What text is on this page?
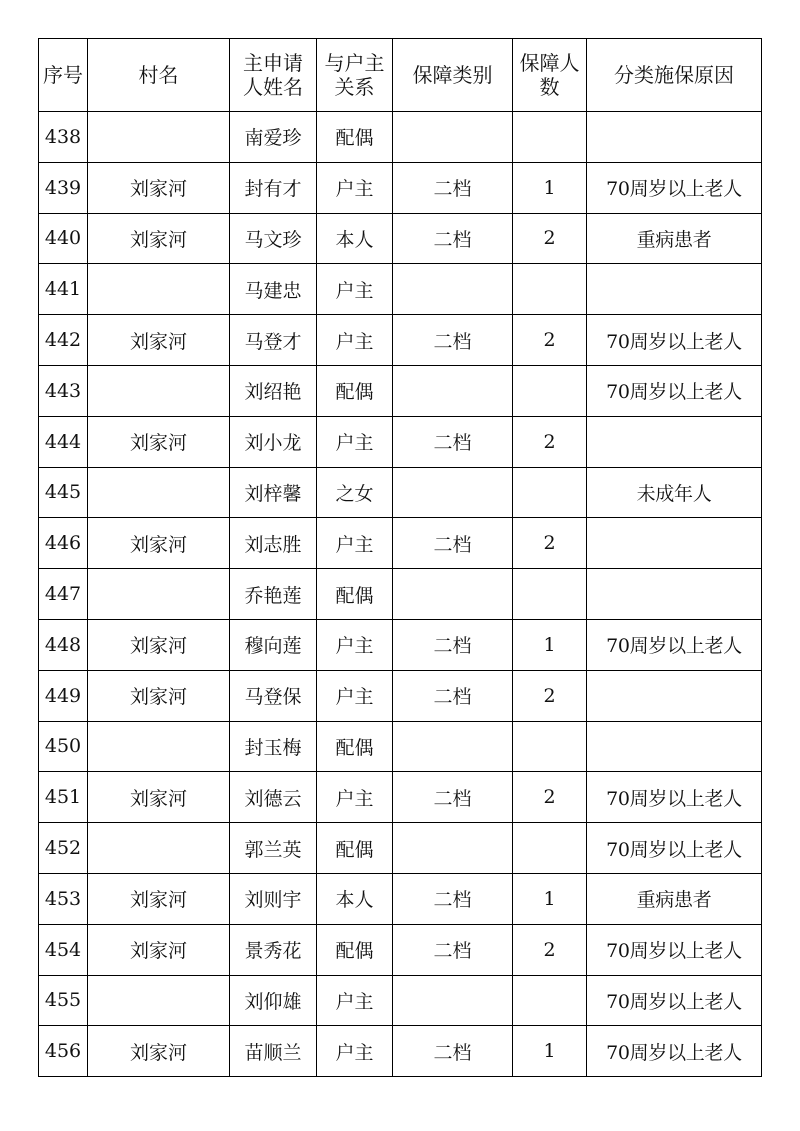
序号	村名	主申请人姓名	与户主关系	保障类别	保障人数	分类施保原因
438		南爱珍	配偶			
439	刘家河	封有才	户主	二档	1	70周岁以上老人
440	刘家河	马文珍	本人	二档	2	重病患者
441		马建忠	户主			
442	刘家河	马登才	户主	二档	2	70周岁以上老人
443		刘绍艳	配偶			70周岁以上老人
444	刘家河	刘小龙	户主	二档	2	
445		刘梓馨	之女			未成年人
446	刘家河	刘志胜	户主	二档	2	
447		乔艳莲	配偶			
448	刘家河	穆向莲	户主	二档	1	70周岁以上老人
449	刘家河	马登保	户主	二档	2	
450		封玉梅	配偶			
451	刘家河	刘德云	户主	二档	2	70周岁以上老人
452		郭兰英	配偶			70周岁以上老人
453	刘家河	刘则宇	本人	二档	1	重病患者
454	刘家河	景秀花	配偶	二档	2	70周岁以上老人
455		刘仰雄	户主			70周岁以上老人
456	刘家河	苗顺兰	户主	二档	1	70周岁以上老人
